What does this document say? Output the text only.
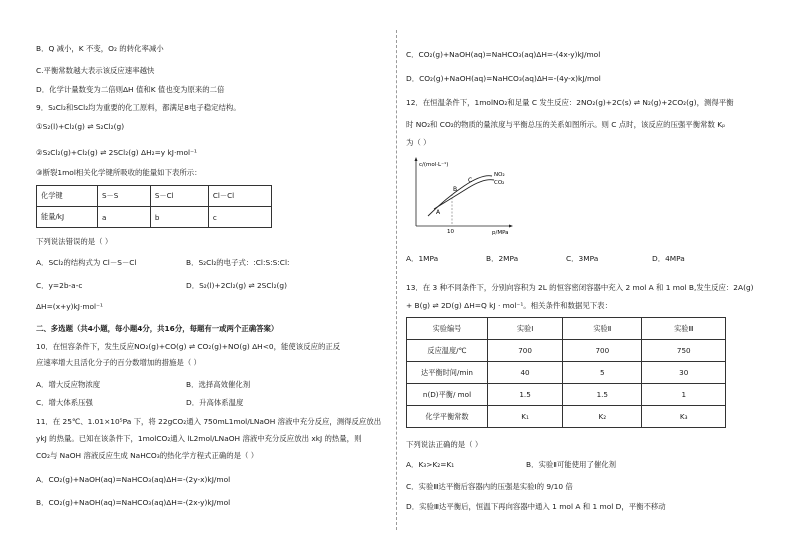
B．Q 减小，K 不变，O₂ 的转化率减小
C.平衡常数越大表示该反应速率越快
D．化学计量数变为二倍则ΔH 值和K 值也变为原来的二倍
9．S₂Cl₂和SCl₂均为重要的化工原料，都满足8电子稳定结构。
①S₂(l)+Cl₂(g) ⇌ S₂Cl₂(g)
②S₂Cl₂(g)+Cl₂(g) ⇌ 2SCl₂(g) ΔH₂=y kJ·mol⁻¹
③断裂1mol相关化学键所吸收的能量如下表所示：
化学键	S－S	S－Cl	Cl－Cl
能量/kJ	a	b	c
下列说法错误的是（ ）
A．SCl₂的结构式为 Cl－S－Cl	B．S₂Cl₂的电子式：:Cl:S:S:Cl:
C．y=2b-a-c	D．S₂(l)+2Cl₂(g) ⇌ 2SCl₂(g)
ΔH=(x+y)kJ·mol⁻¹
二、多选题（共4小题，每小题4分，共16分，每题有一或两个正确答案）
10．在恒容条件下，发生反应NO₂(g)+CO(g) ⇌ CO₂(g)+NO(g) ΔH<0，能使该反应的正反
应速率增大且活化分子的百分数增加的措施是（ ）
A．增大反应物浓度	B．选择高效催化剂
C．增大体系压强	D．升高体系温度
11．在 25℃、1.01×10⁵Pa 下，将 22gCO₂通入 750mL1mol/LNaOH 溶液中充分反应，测得反应放出
ykJ 的热量。已知在该条件下，1molCO₂通入 lL2mol/LNaOH 溶液中充分反应放出 xkJ 的热量，则
CO₂与 NaOH 溶液反应生成 NaHCO₃的热化学方程式正确的是（ ）
A．CO₂(g)+NaOH(aq)=NaHCO₃(aq)ΔH=-(2y-x)kJ/mol
B．CO₂(g)+NaOH(aq)=NaHCO₃(aq)ΔH=-(2x-y)kJ/mol
C．CO₂(g)+NaOH(aq)=NaHCO₃(aq)ΔH=-(4x-y)kJ/mol
D．CO₂(g)+NaOH(aq)=NaHCO₃(aq)ΔH=-(4y-x)kJ/mol
12．在恒温条件下，1molNO₂和足量 C 发生反应：2NO₂(g)+2C(s) ⇌ N₂(g)+2CO₂(g)，测得平衡
时 NO₂和 CO₂的物质的量浓度与平衡总压的关系如图所示。则 C 点时，该反应的压强平衡常数 Kₚ
为（ ）
c/(mol·L⁻¹)
p/MPa
10
A
B
C
NO₂
CO₂
A．1MPa	B．2MPa	C．3MPa	D．4MPa
13．在 3 种不同条件下，分别向容积为 2L 的恒容密闭容器中充入 2 mol A 和 1 mol B,发生反应：2A(g)
+ B(g) ⇌ 2D(g) ΔH=Q kJ · mol⁻¹。相关条件和数据见下表：
实验编号	实验Ⅰ	实验Ⅱ	实验Ⅲ
反应温度/℃	700	700	750
达平衡时间/min	40	5	30
n(D)平衡/ mol	1.5	1.5	1
化学平衡常数	K₁	K₂	K₃
下列说法正确的是（ ）
A．K₃>K₂=K₁	B．实验Ⅱ可能使用了催化剂
C．实验Ⅲ达平衡后容器内的压强是实验Ⅰ的 9/10 倍
D．实验Ⅲ达平衡后，恒温下再向容器中通入 1 mol A 和 1 mol D，平衡不移动
